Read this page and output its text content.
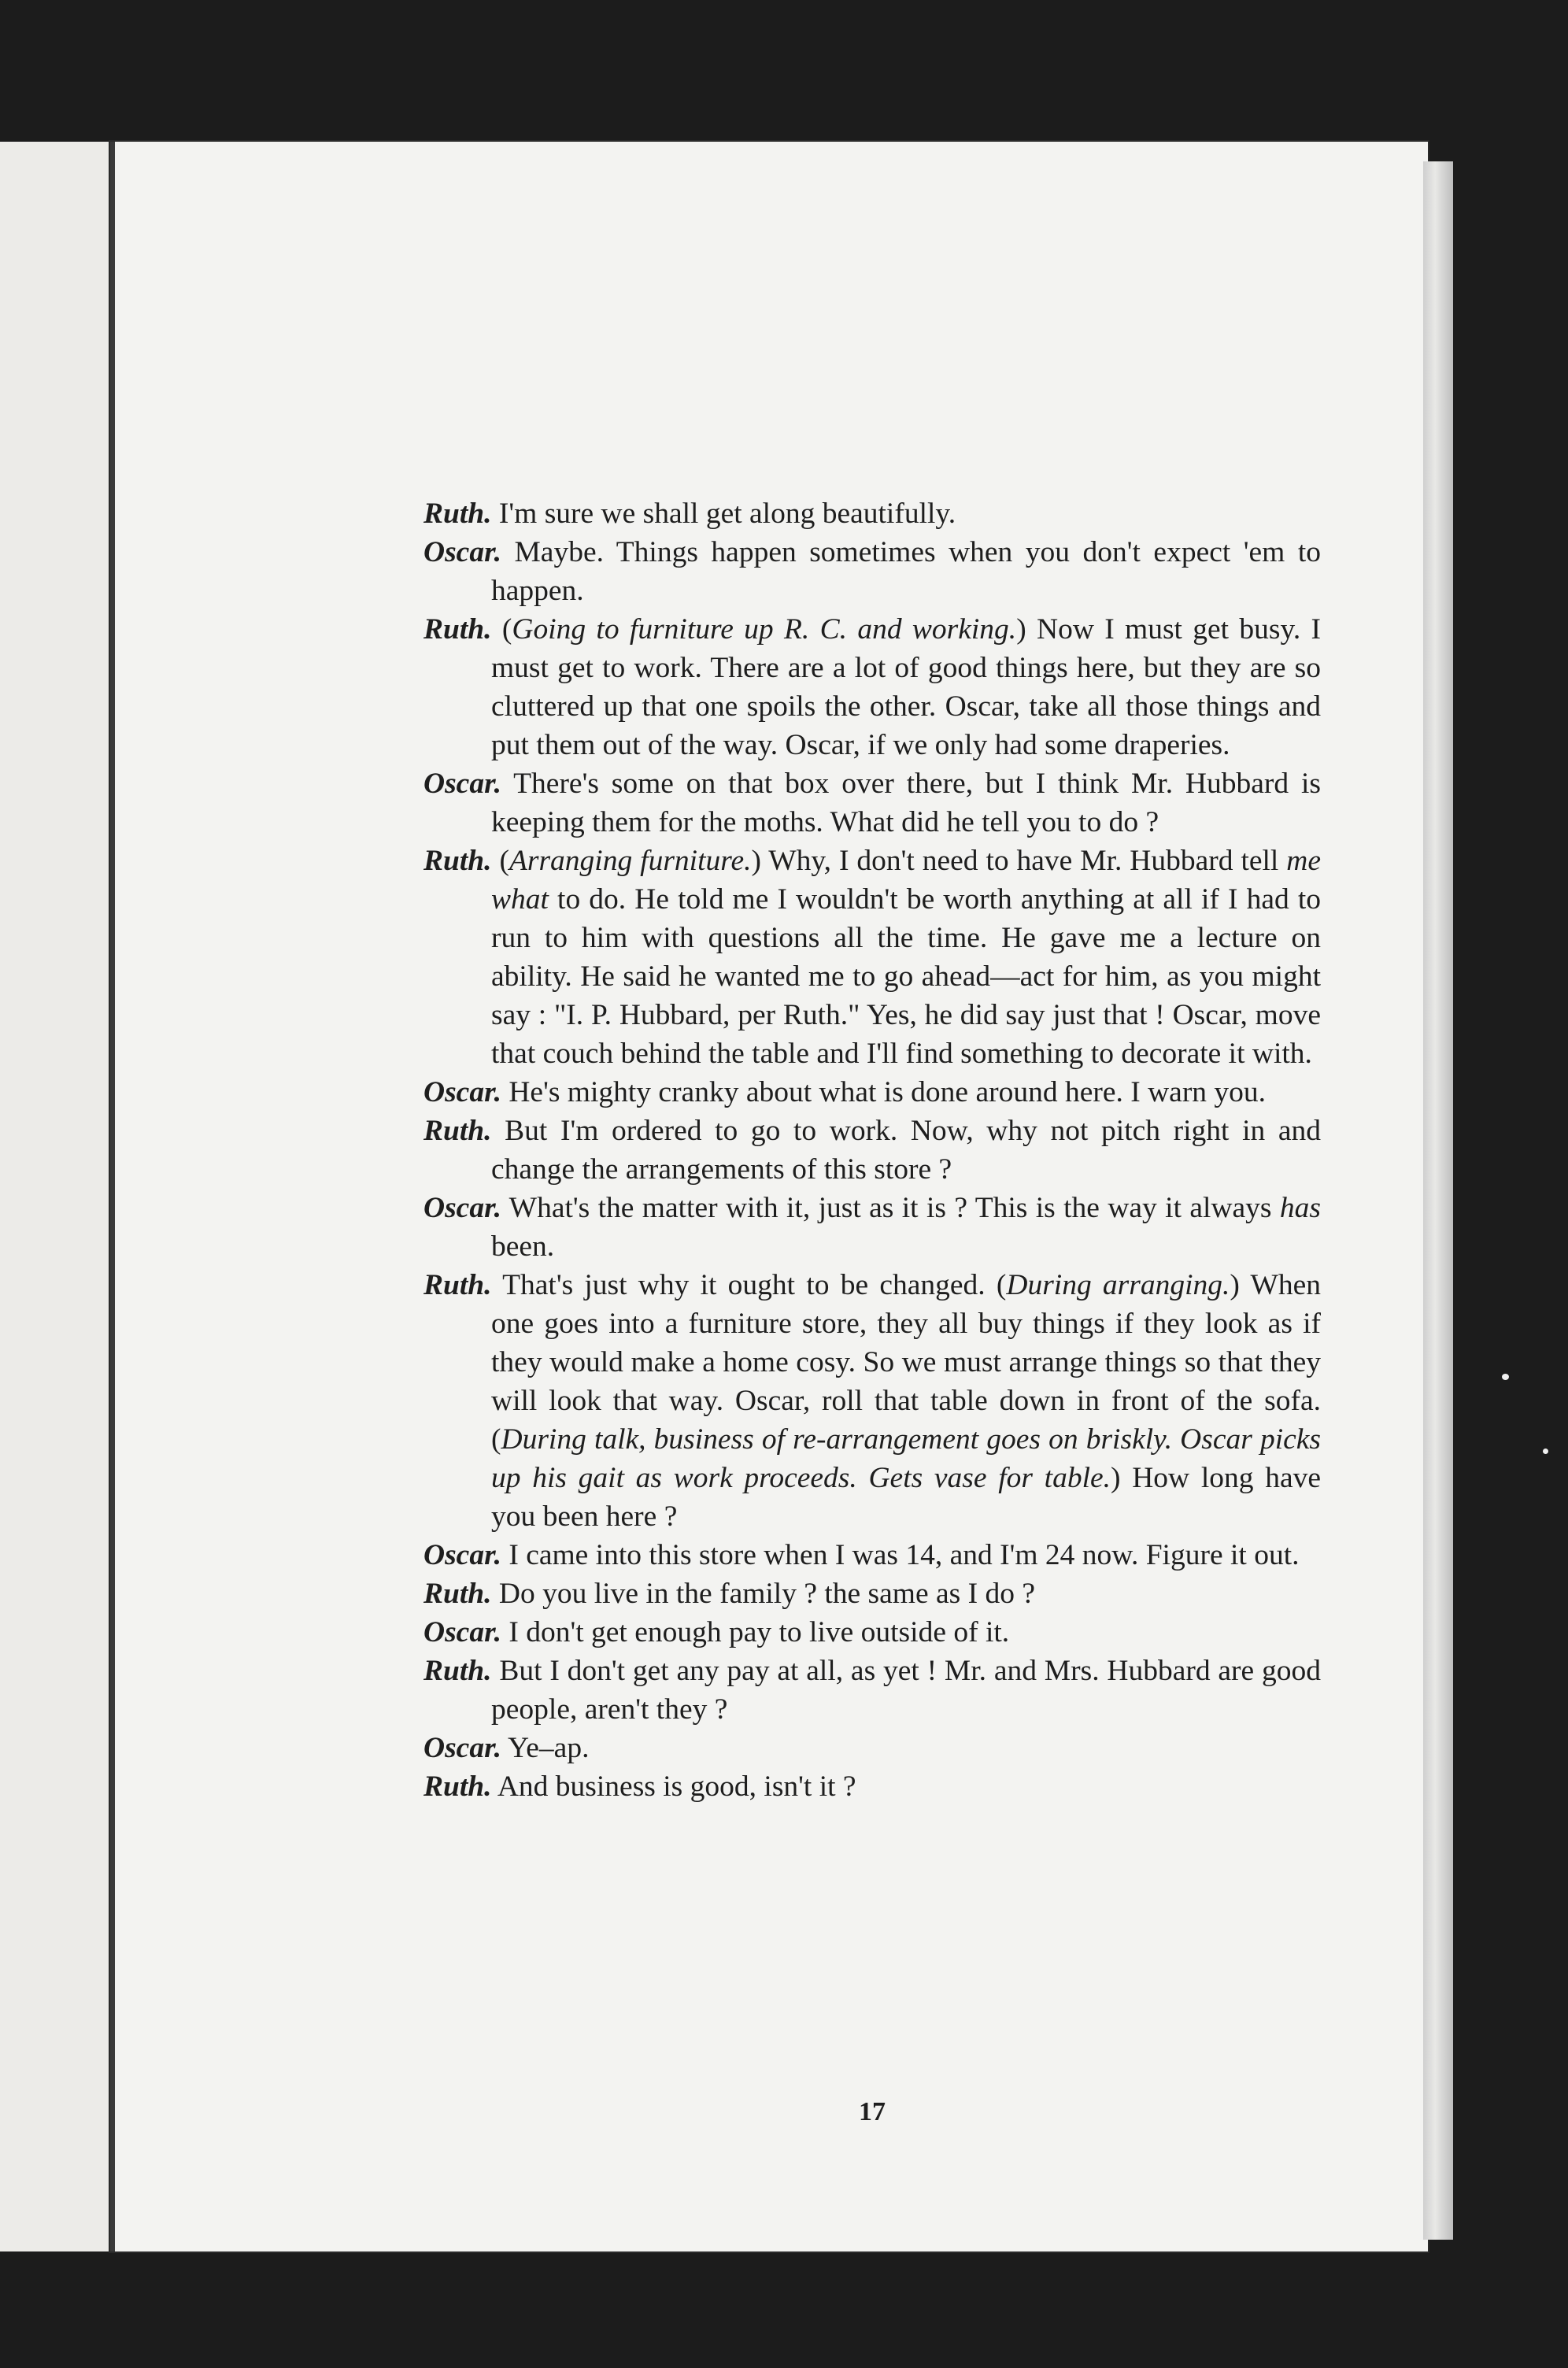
Ruth. I'm sure we shall get along beautifully.

Oscar. Maybe. Things happen sometimes when you don't expect 'em to happen.

Ruth. (Going to furniture up R. C. and working.) Now I must get busy. I must get to work. There are a lot of good things here, but they are so cluttered up that one spoils the other. Oscar, take all those things and put them out of the way. Oscar, if we only had some draperies.

Oscar. There's some on that box over there, but I think Mr. Hubbard is keeping them for the moths. What did he tell you to do ?

Ruth. (Arranging furniture.) Why, I don't need to have Mr. Hubbard tell me what to do. He told me I wouldn't be worth anything at all if I had to run to him with questions all the time. He gave me a lecture on ability. He said he wanted me to go ahead—act for him, as you might say : "I. P. Hubbard, per Ruth." Yes, he did say just that ! Oscar, move that couch behind the table and I'll find something to decorate it with.

Oscar. He's mighty cranky about what is done around here. I warn you.

Ruth. But I'm ordered to go to work. Now, why not pitch right in and change the arrangements of this store ?

Oscar. What's the matter with it, just as it is ? This is the way it always has been.

Ruth. That's just why it ought to be changed. (During arranging.) When one goes into a furniture store, they all buy things if they look as if they would make a home cosy. So we must arrange things so that they will look that way. Oscar, roll that table down in front of the sofa. (During talk, business of re-arrangement goes on briskly. Oscar picks up his gait as work proceeds. Gets vase for table.) How long have you been here ?

Oscar. I came into this store when I was 14, and I'm 24 now. Figure it out.

Ruth. Do you live in the family ? the same as I do ?

Oscar. I don't get enough pay to live outside of it.

Ruth. But I don't get any pay at all, as yet ! Mr. and Mrs. Hubbard are good people, aren't they ?

Oscar. Ye–ap.

Ruth. And business is good, isn't it ?

17
